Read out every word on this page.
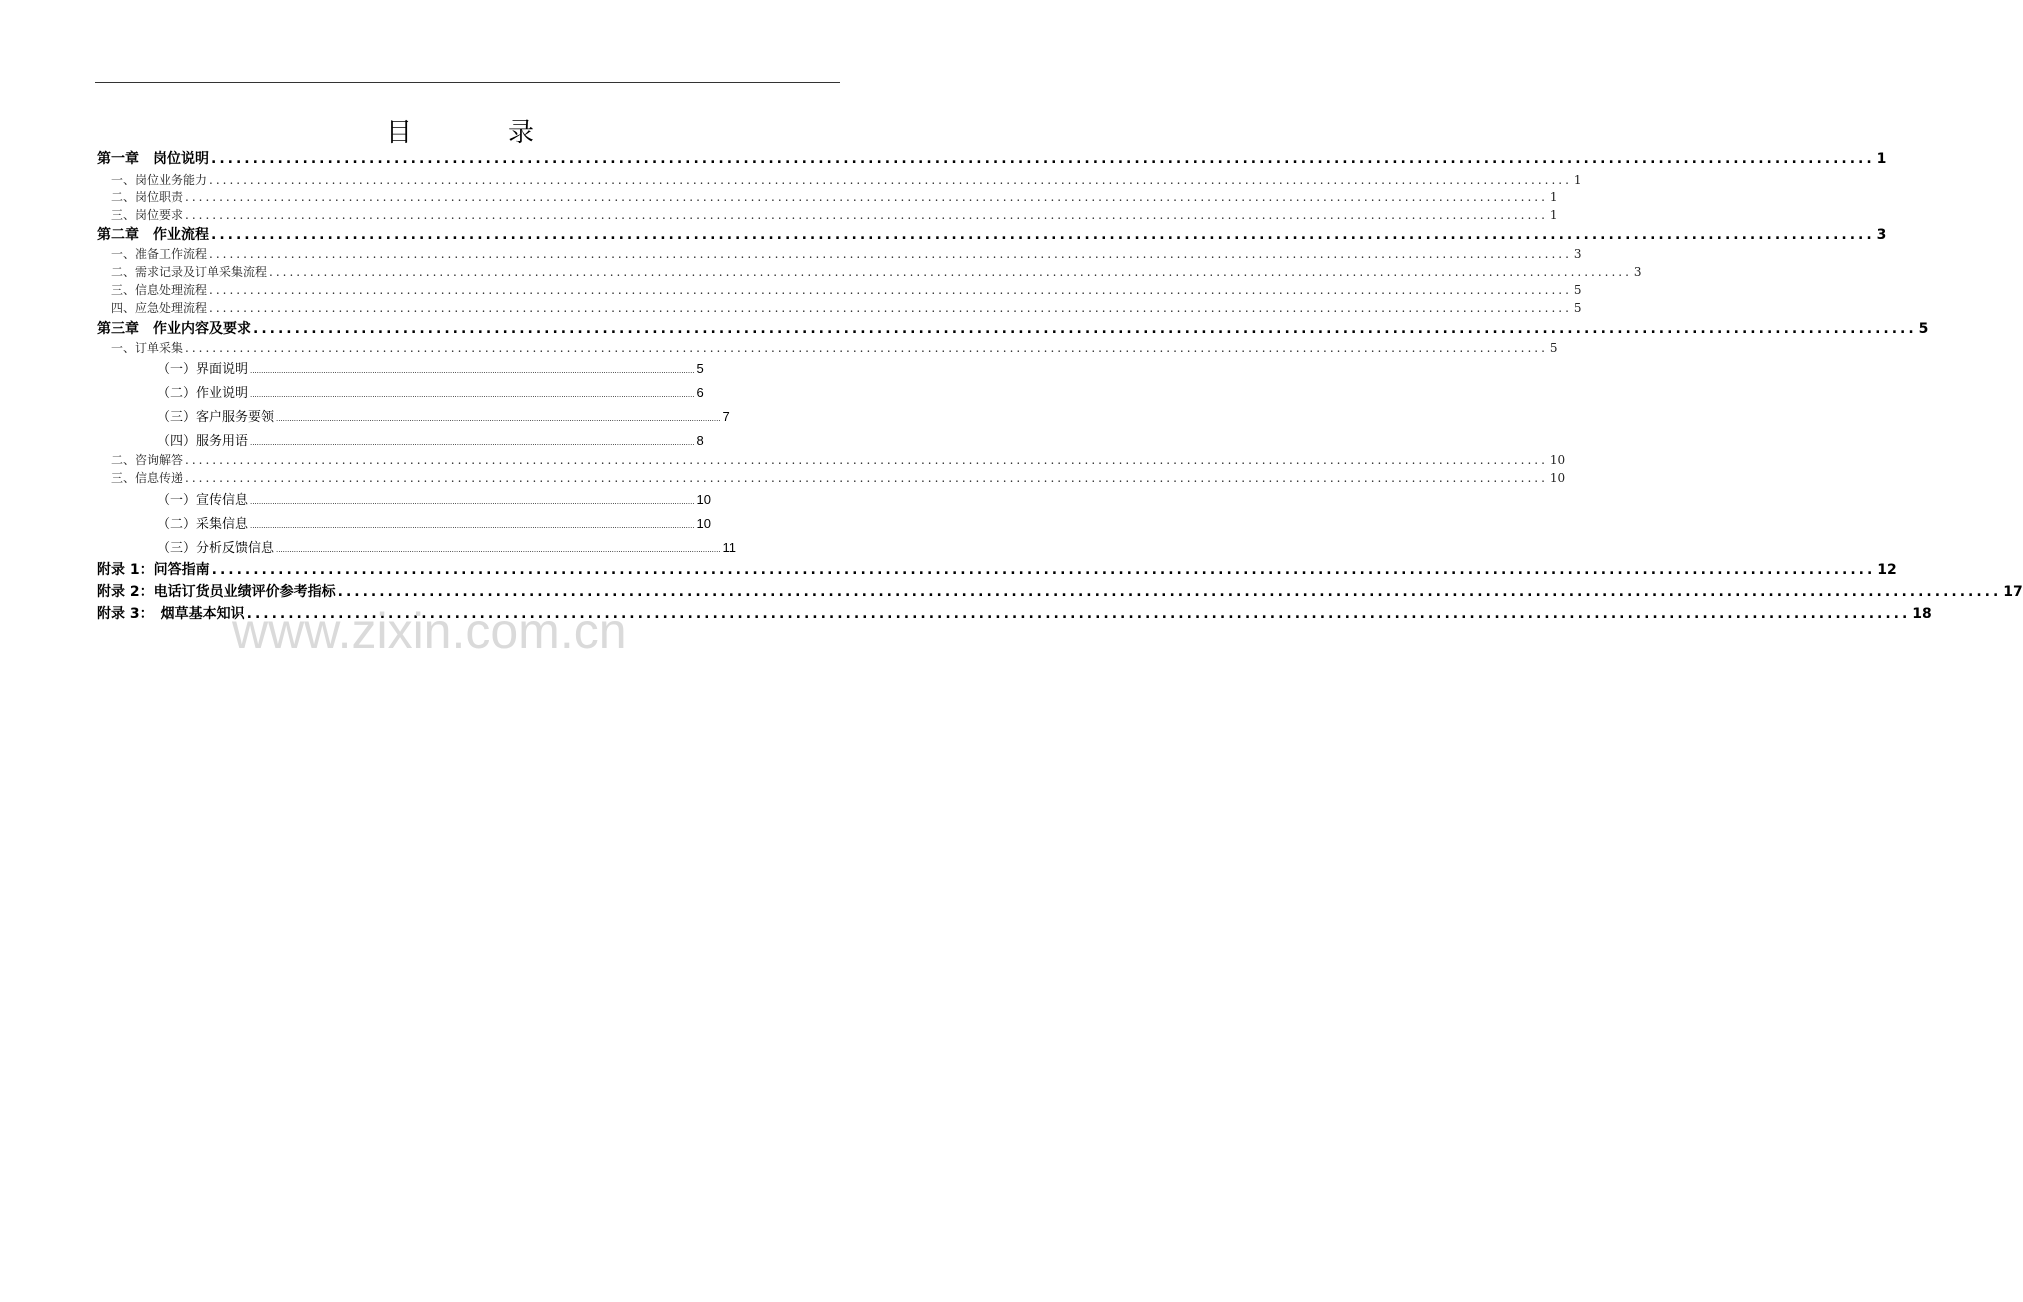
目	录
第一章　岗位说明 ........................................................................................................................................................................................................ 1
一、岗位业务能力 ........................................................................................................................................................................................................ 1
二、岗位职责 ........................................................................................................................................................................................................ 1
三、岗位要求 ........................................................................................................................................................................................................ 1
第二章　作业流程 ........................................................................................................................................................................................................ 3
一、准备工作流程 ........................................................................................................................................................................................................ 3
二、需求记录及订单采集流程 ........................................................................................................................................................................................................ 3
三、信息处理流程 ........................................................................................................................................................................................................ 5
四、应急处理流程 ........................................................................................................................................................................................................ 5
第三章　作业内容及要求 ........................................................................................................................................................................................................ 5
一、订单采集 ........................................................................................................................................................................................................ 5
（一）界面说明 ........................................................................................................................................................................................................ 5
（二）作业说明 ........................................................................................................................................................................................................ 6
（三）客户服务要领 ........................................................................................................................................................................................................ 7
（四）服务用语 ........................................................................................................................................................................................................ 8
二、咨询解答 ........................................................................................................................................................................................................ 10
三、信息传递 ........................................................................................................................................................................................................ 10
（一）宣传信息 ........................................................................................................................................................................................................ 10
（二）采集信息 ........................................................................................................................................................................................................ 10
（三）分析反馈信息 ........................................................................................................................................................................................................ 11
附录 1：问答指南 ........................................................................................................................................................................................................ 12
附录 2：电话订货员业绩评价参考指标 ........................................................................................................................................................................................................ 17
附录 3：　烟草基本知识 ........................................................................................................................................................................................................ 18
www.zixin.com.cn
